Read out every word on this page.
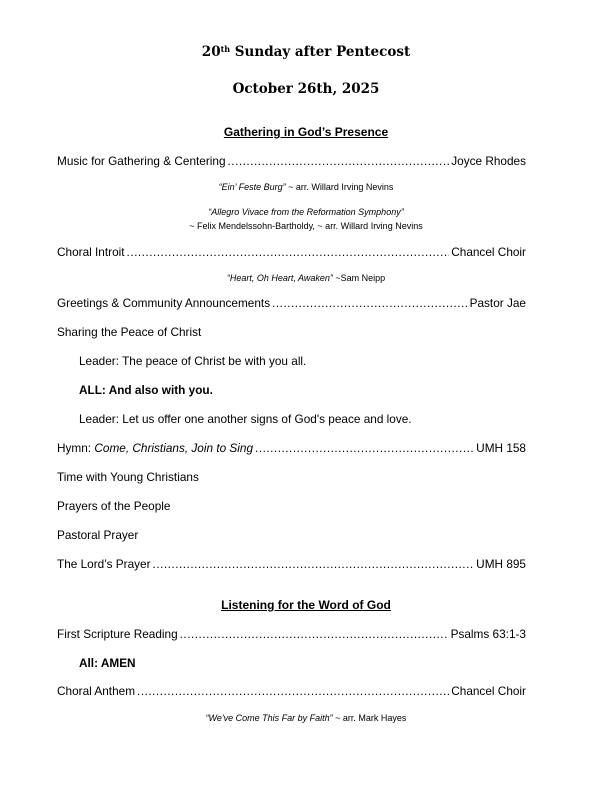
20th Sunday after Pentecost
October 26th, 2025
Gathering in God’s Presence
Music for Gathering & Centering .....	Joyce Rhodes
“Ein’ Feste Burg” ~ arr. Willard Irving Nevins
“Allegro Vivace from the Reformation Symphony”
~ Felix Mendelssohn-Bartholdy, ~ arr. Willard Irving Nevins
Choral Introit .....	Chancel Choir
“Heart, Oh Heart, Awaken” ~Sam Neipp
Greetings & Community Announcements .....	Pastor Jae
Sharing the Peace of Christ
Leader: The peace of Christ be with you all.
ALL: And also with you.
Leader: Let us offer one another signs of God's peace and love.
Hymn: Come, Christians, Join to Sing .....	UMH 158
Time with Young Christians
Prayers of the People
Pastoral Prayer
The Lord’s Prayer .....	UMH 895
Listening for the Word of God
First Scripture Reading .....	Psalms 63:1-3
All: AMEN
Choral Anthem .....	Chancel Choir
“We've Come This Far by Faith” ~ arr. Mark Hayes
